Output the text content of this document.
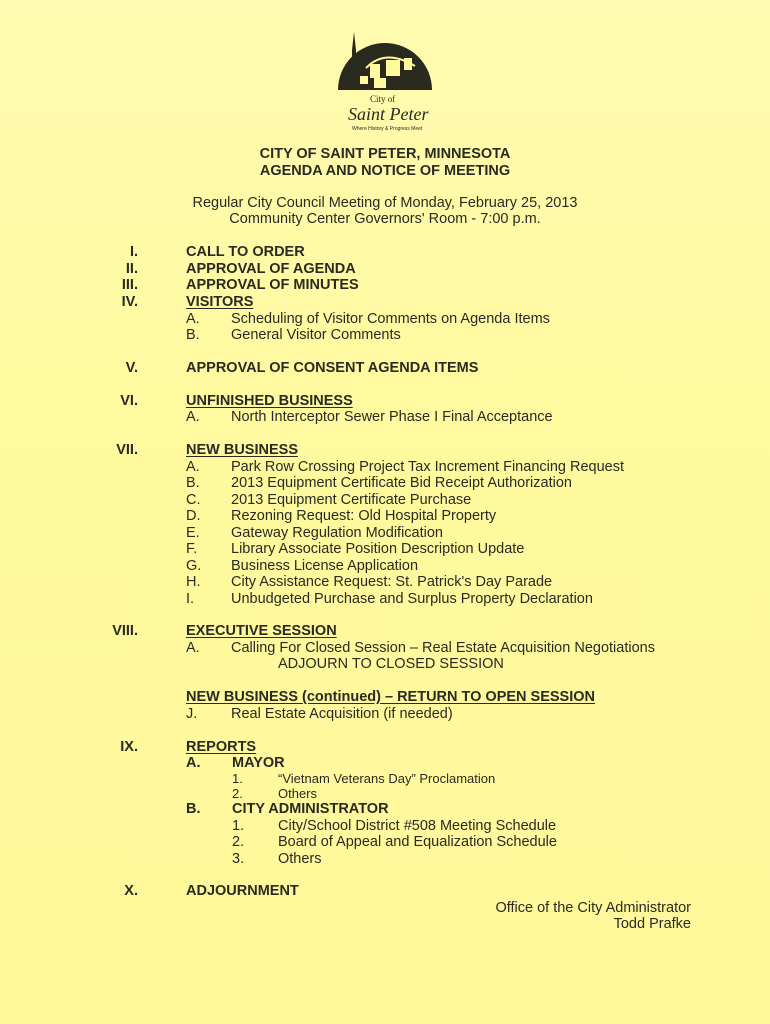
City of
Saint Peter
Where History & Progress Meet
CITY OF SAINT PETER, MINNESOTA
AGENDA AND NOTICE OF MEETING
Regular City Council Meeting of Monday, February 25, 2013
Community Center Governors' Room - 7:00 p.m.
I.	CALL TO ORDER
II.	APPROVAL OF AGENDA
III.	APPROVAL OF MINUTES
IV.	VISITORS
A. Scheduling of Visitor Comments on Agenda Items
B. General Visitor Comments
V.	APPROVAL OF CONSENT AGENDA ITEMS
VI.	UNFINISHED BUSINESS
A. North Interceptor Sewer Phase I Final Acceptance
VII.	NEW BUSINESS
A. Park Row Crossing Project Tax Increment Financing Request
B. 2013 Equipment Certificate Bid Receipt Authorization
C. 2013 Equipment Certificate Purchase
D. Rezoning Request: Old Hospital Property
E. Gateway Regulation Modification
F. Library Associate Position Description Update
G. Business License Application
H. City Assistance Request: St. Patrick's Day Parade
I.	Unbudgeted Purchase and Surplus Property Declaration
VIII.	EXECUTIVE SESSION
A. Calling For Closed Session – Real Estate Acquisition Negotiations
ADJOURN TO CLOSED SESSION
NEW BUSINESS (continued) – RETURN TO OPEN SESSION
J. Real Estate Acquisition (if needed)
IX.	REPORTS
A. MAYOR
1.	“Vietnam Veterans Day” Proclamation
2.	Others
B. CITY ADMINISTRATOR
1. City/School District #508 Meeting Schedule
2. Board of Appeal and Equalization Schedule
3. Others
X.	ADJOURNMENT
Office of the City Administrator
Todd Prafke
